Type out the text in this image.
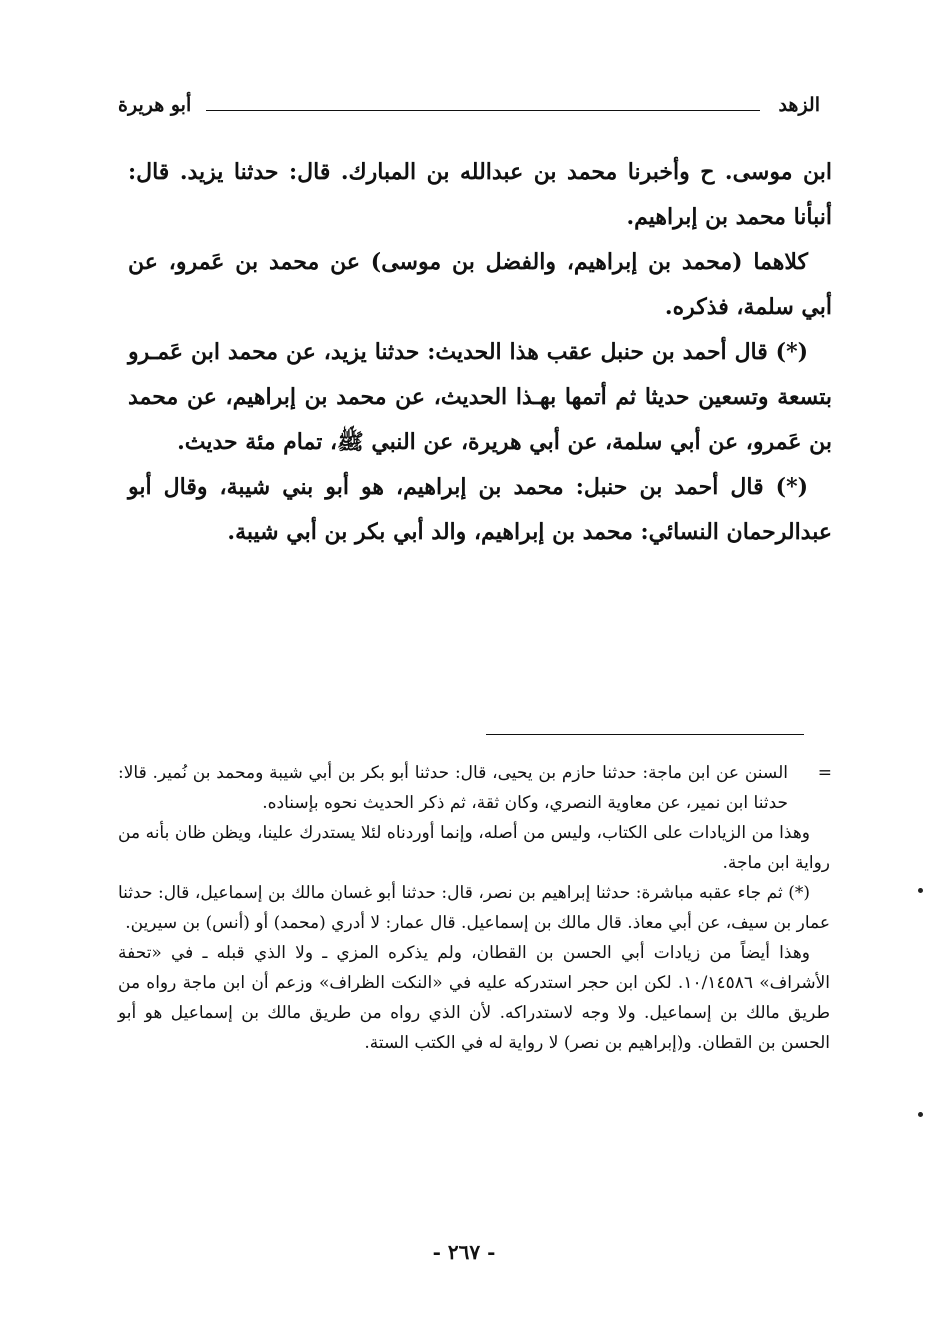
الزهد
أبو هريرة

ابن موسى. ح وأخبرنا محمد بن عبدالله بن المبارك. قال: حدثنا يزيد. قال: أنبأنا محمد بن إبراهيم.

كلاهما (محمد بن إبراهيم، والفضل بن موسى) عن محمد بن عَمرو، عن أبي سلمة، فذكره.

(*) قال أحمد بن حنبل عقب هذا الحديث: حدثنا يزيد، عن محمد ابن عَمـرو بتسعة وتسعين حديثا ثم أتمها بهـذا الحديث، عن محمد بن إبراهيم، عن محمد بن عَمرو، عن أبي سلمة، عن أبي هريرة، عن النبي ﷺ، تمام مئة حديث.

(*) قال أحمد بن حنبل: محمد بن إبراهيم، هو أبو بني شيبة، وقال أبو عبدالرحمان النسائي: محمد بن إبراهيم، والد أبي بكر بن أبي شيبة.

=

السنن عن ابن ماجة: حدثنا حازم بن يحيى، قال: حدثنا أبو بكر بن أبي شيبة ومحمد بن نُمير. قالا: حدثنا ابن نمير، عن معاوية النصري، وكان ثقة، ثم ذكر الحديث نحوه بإسناده.

وهذا من الزيادات على الكتاب، وليس من أصله، وإنما أوردناه لئلا يستدرك علينا، ويظن ظان بأنه من رواية ابن ماجة.

(*) ثم جاء عقبه مباشرة: حدثنا إبراهيم بن نصر، قال: حدثنا أبو غسان مالك بن إسماعيل، قال: حدثنا عمار بن سيف، عن أبي معاذ. قال مالك بن إسماعيل. قال عمار: لا أدري (محمد) أو (أنس) بن سيرين.

وهذا أيضاً من زيادات أبي الحسن بن القطان، ولم يذكره المزي ـ ولا الذي قبله ـ في «تحفة الأشراف» ١٠/١٤٥٨٦. لكن ابن حجر استدركه عليه في «النكت الظراف» وزعم أن ابن ماجة رواه من طريق مالك بن إسماعيل. ولا وجه لاستدراكه. لأن الذي رواه من طريق مالك بن إسماعيل هو أبو الحسن بن القطان. و(إبراهيم بن نصر) لا رواية له في الكتب الستة.

- ٢٦٧ -
